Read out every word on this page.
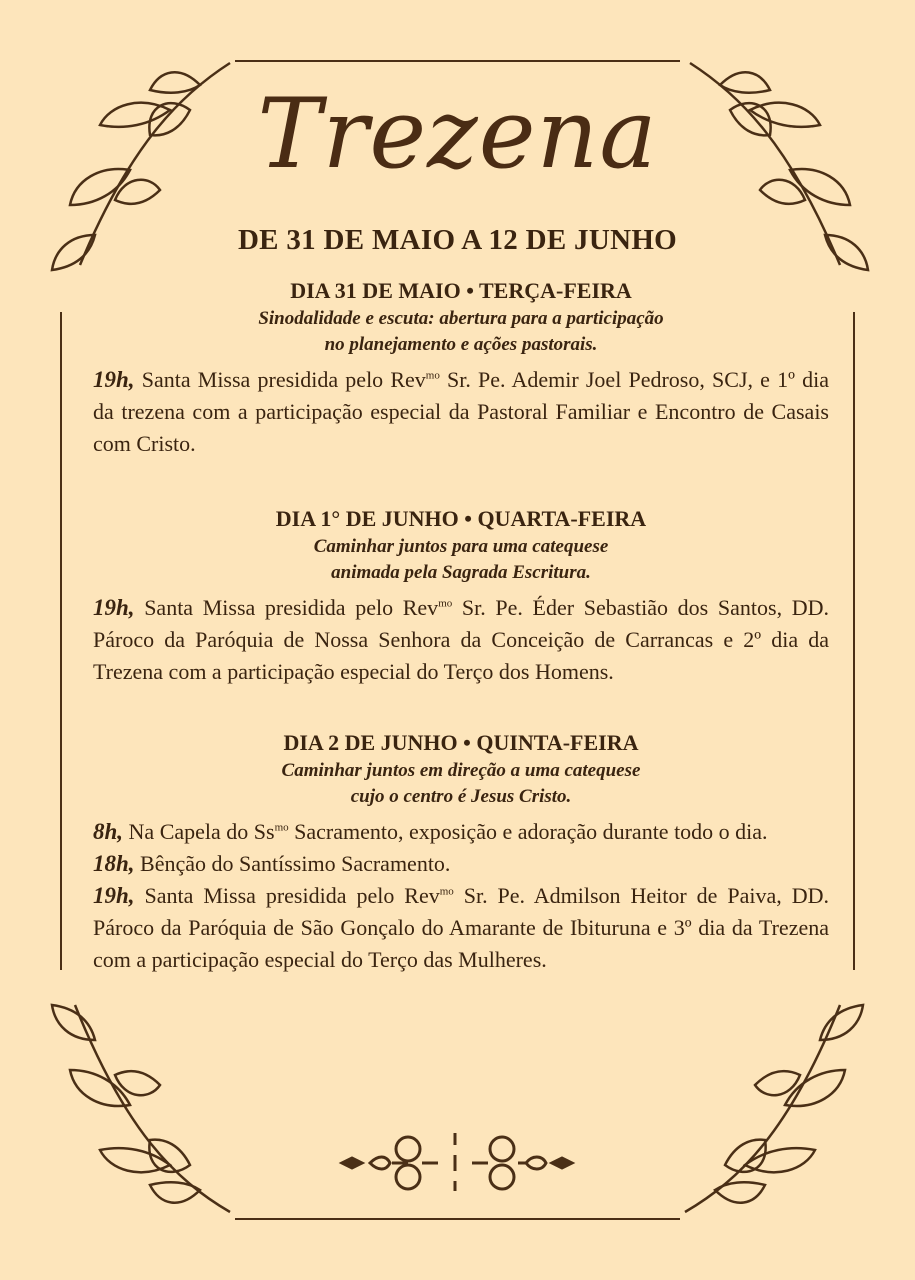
Trezena
DE 31 DE MAIO A 12 DE JUNHO

DIA 31 DE MAIO • TERÇA-FEIRA

Sinodalidade e escuta: abertura para a participação
no planejamento e ações pastorais.

19h, Santa Missa presidida pelo Rev$^{mo}$ Sr. Pe. Ademir Joel Pedroso, SCJ, e 1º dia da trezena com a participação especial da Pastoral Familiar e Encontro de Casais com Cristo.

DIA 1° DE JUNHO • QUARTA-FEIRA

Caminhar juntos para uma catequese
animada pela Sagrada Escritura.

19h, Santa Missa presidida pelo Rev$^{mo}$ Sr. Pe. Éder Sebastião dos Santos, DD. Pároco da Paróquia de Nossa Senhora da Conceição de Carrancas e 2º dia da Trezena com a participação especial do Terço dos Homens.

DIA 2 DE JUNHO • QUINTA-FEIRA

Caminhar juntos em direção a uma catequese
cujo o centro é Jesus Cristo.

8h, Na Capela do $Ss^{mo}$ Sacramento, exposição e adoração durante todo o dia.

18h, Bênção do Santíssimo Sacramento.

19h, Santa Missa presidida pelo Rev$^{mo}$ Sr. Pe. Admilson Heitor de Paiva, DD. Pároco da Paróquia de São Gonçalo do Amarante de Ibituruna e 3º dia da Trezena com a participação especial do Terço das Mulheres.
